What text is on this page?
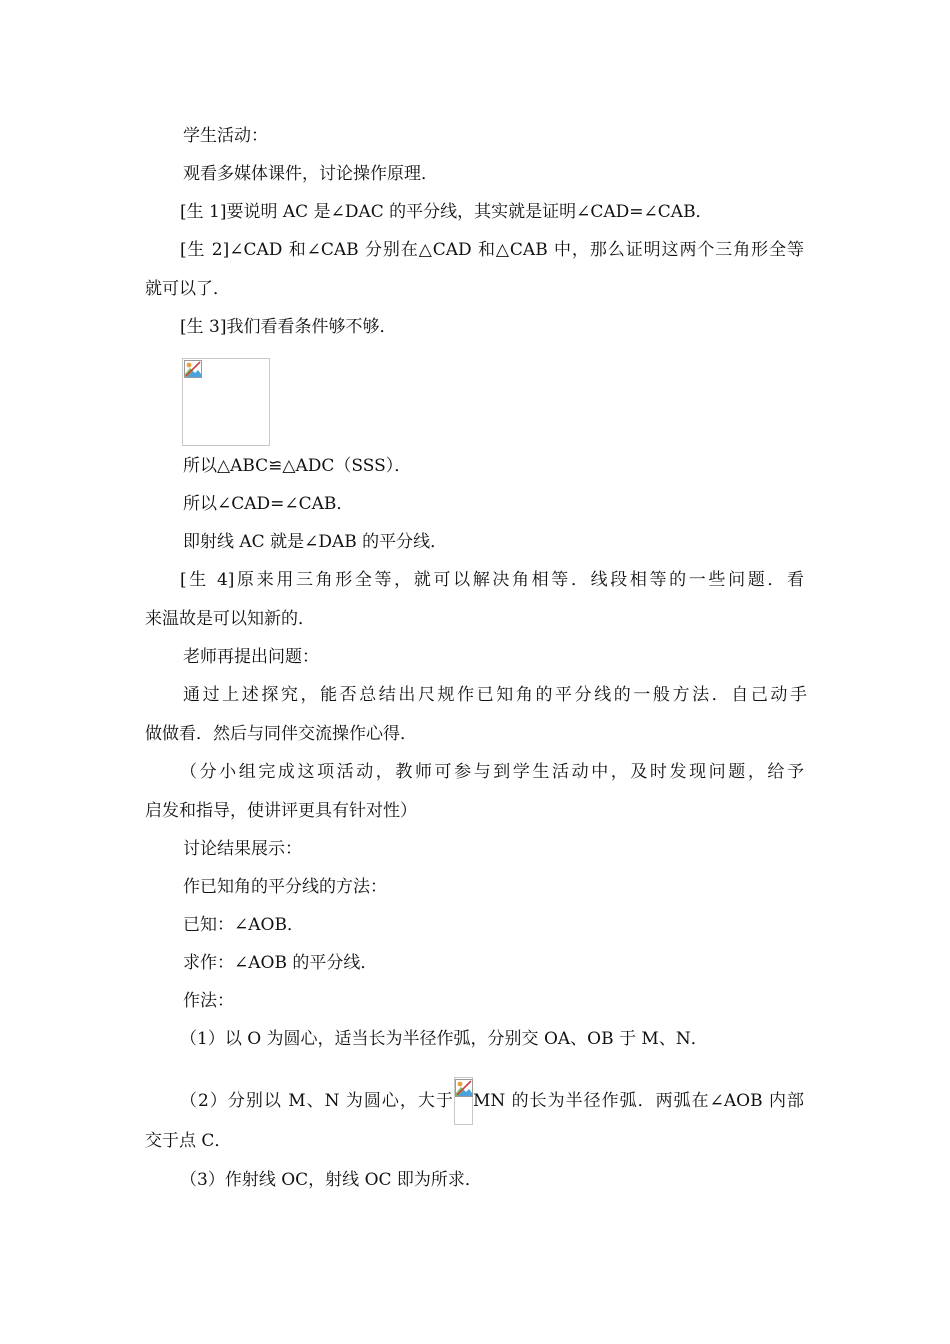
学生活动：
观看多媒体课件，讨论操作原理．
[生 1]要说明 AC 是∠DAC 的平分线，其实就是证明∠CAD=∠CAB．
[生 2]∠CAD 和∠CAB 分别在△CAD 和△CAB 中，那么证明这两个三角形全等
就可以了．
[生 3]我们看看条件够不够．
所以△ABC≌△ADC（SSS）．
所以∠CAD=∠CAB．
即射线 AC 就是∠DAB 的平分线．
[生 4]原来用三角形全等，就可以解决角相等．线段相等的一些问题．看
来温故是可以知新的．
老师再提出问题：
通过上述探究，能否总结出尺规作已知角的平分线的一般方法．自己动手
做做看．然后与同伴交流操作心得．
（分小组完成这项活动，教师可参与到学生活动中，及时发现问题，给予
启发和指导，使讲评更具有针对性）
讨论结果展示：
作已知角的平分线的方法：
已知：∠AOB．
求作：∠AOB 的平分线．
作法：
（1）以 O 为圆心，适当长为半径作弧，分别交 OA、OB 于 M、N．
（2）分别以 M、N 为圆心，大于 MN 的长为半径作弧．两弧在∠AOB 内部
交于点 C．
（3）作射线 OC，射线 OC 即为所求．
